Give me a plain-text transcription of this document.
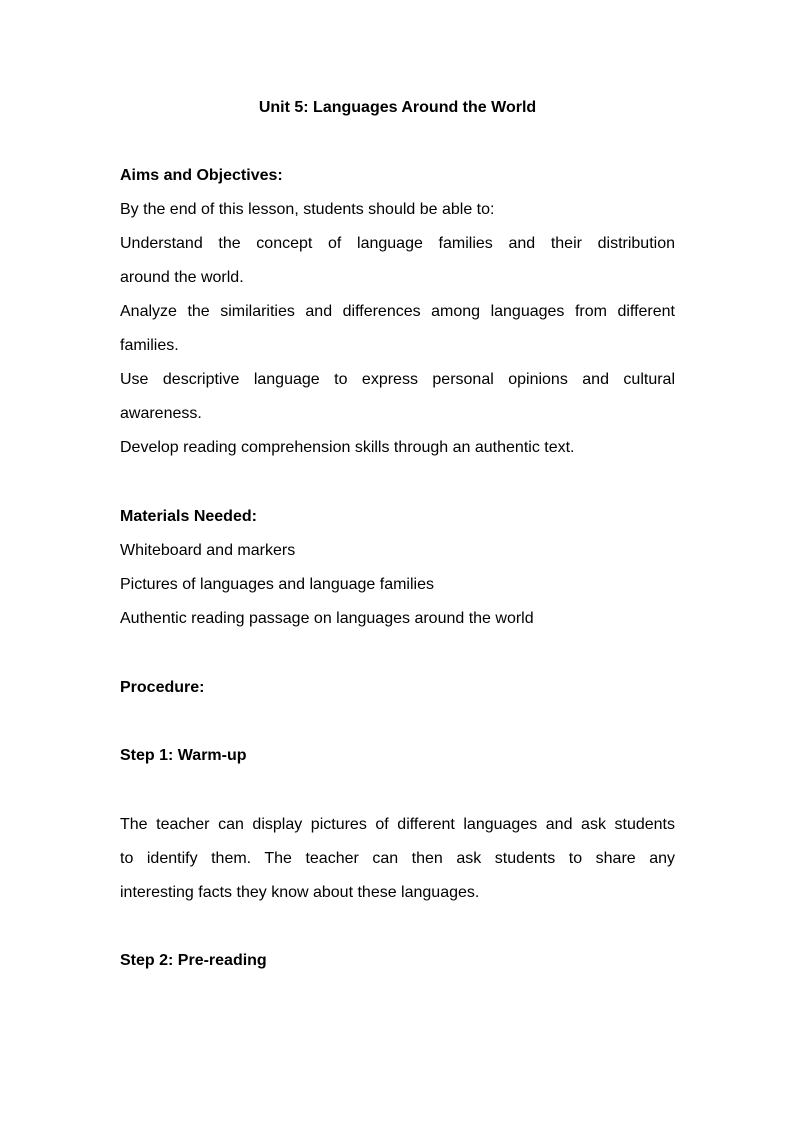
Unit 5: Languages Around the World
Aims and Objectives:
By the end of this lesson, students should be able to:
Understand the concept of language families and their distribution
around the world.
Analyze the similarities and differences among languages from different
families.
Use descriptive language to express personal opinions and cultural
awareness.
Develop reading comprehension skills through an authentic text.
Materials Needed:
Whiteboard and markers
Pictures of languages and language families
Authentic reading passage on languages around the world
Procedure:
Step 1: Warm-up
The teacher can display pictures of different languages and ask students
to identify them. The teacher can then ask students to share any
interesting facts they know about these languages.
Step 2: Pre-reading
